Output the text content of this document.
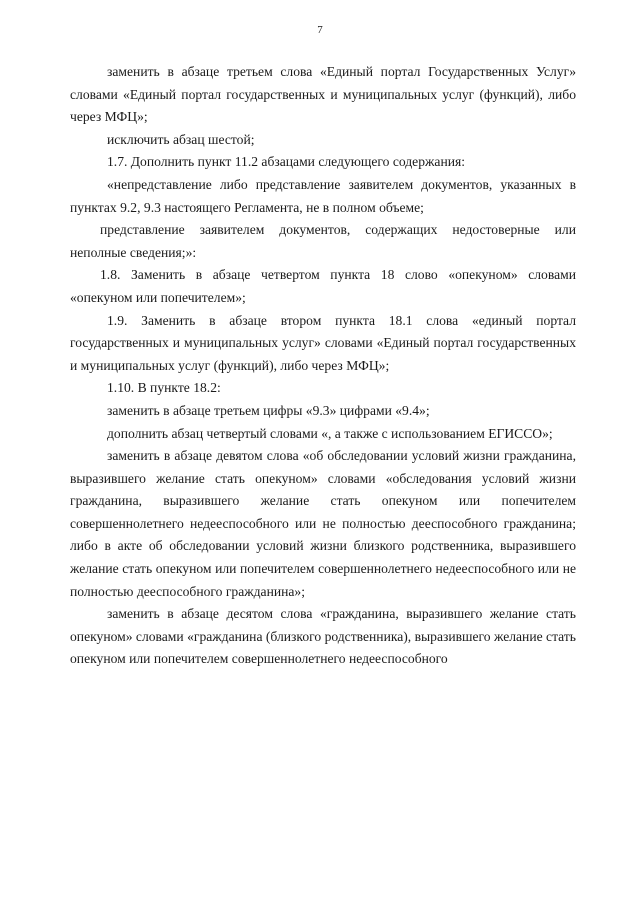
7

заменить в абзаце третьем слова «Единый портал Государственных Услуг» словами «Единый портал государственных и муниципальных услуг (функций), либо через МФЦ»;

исключить абзац шестой;

1.7. Дополнить пункт 11.2 абзацами следующего содержания:

«непредставление либо представление заявителем документов, указанных в пунктах 9.2, 9.3 настоящего Регламента, не в полном объеме;

представление заявителем документов, содержащих недостоверные или неполные сведения;»:

1.8. Заменить в абзаце четвертом пункта 18 слово «опекуном» словами «опекуном или попечителем»;

1.9. Заменить в абзаце втором пункта 18.1 слова «единый портал государственных и муниципальных услуг» словами «Единый портал государственных и муниципальных услуг (функций), либо через МФЦ»;

1.10. В пункте 18.2:

заменить в абзаце третьем цифры «9.3» цифрами «9.4»;

дополнить абзац четвертый словами «, а также с использованием ЕГИССО»;

заменить в абзаце девятом слова «об обследовании условий жизни гражданина, выразившего желание стать опекуном» словами «обследования условий жизни гражданина, выразившего желание стать опекуном или попечителем совершеннолетнего недееспособного или не полностью дееспособного гражданина; либо в акте об обследовании условий жизни близкого родственника, выразившего желание стать опекуном или попечителем совершеннолетнего недееспособного или не полностью дееспособного гражданина»;

заменить в абзаце десятом слова «гражданина, выразившего желание стать опекуном» словами «гражданина (близкого родственника), выразившего желание стать опекуном или попечителем совершеннолетнего недееспособного
